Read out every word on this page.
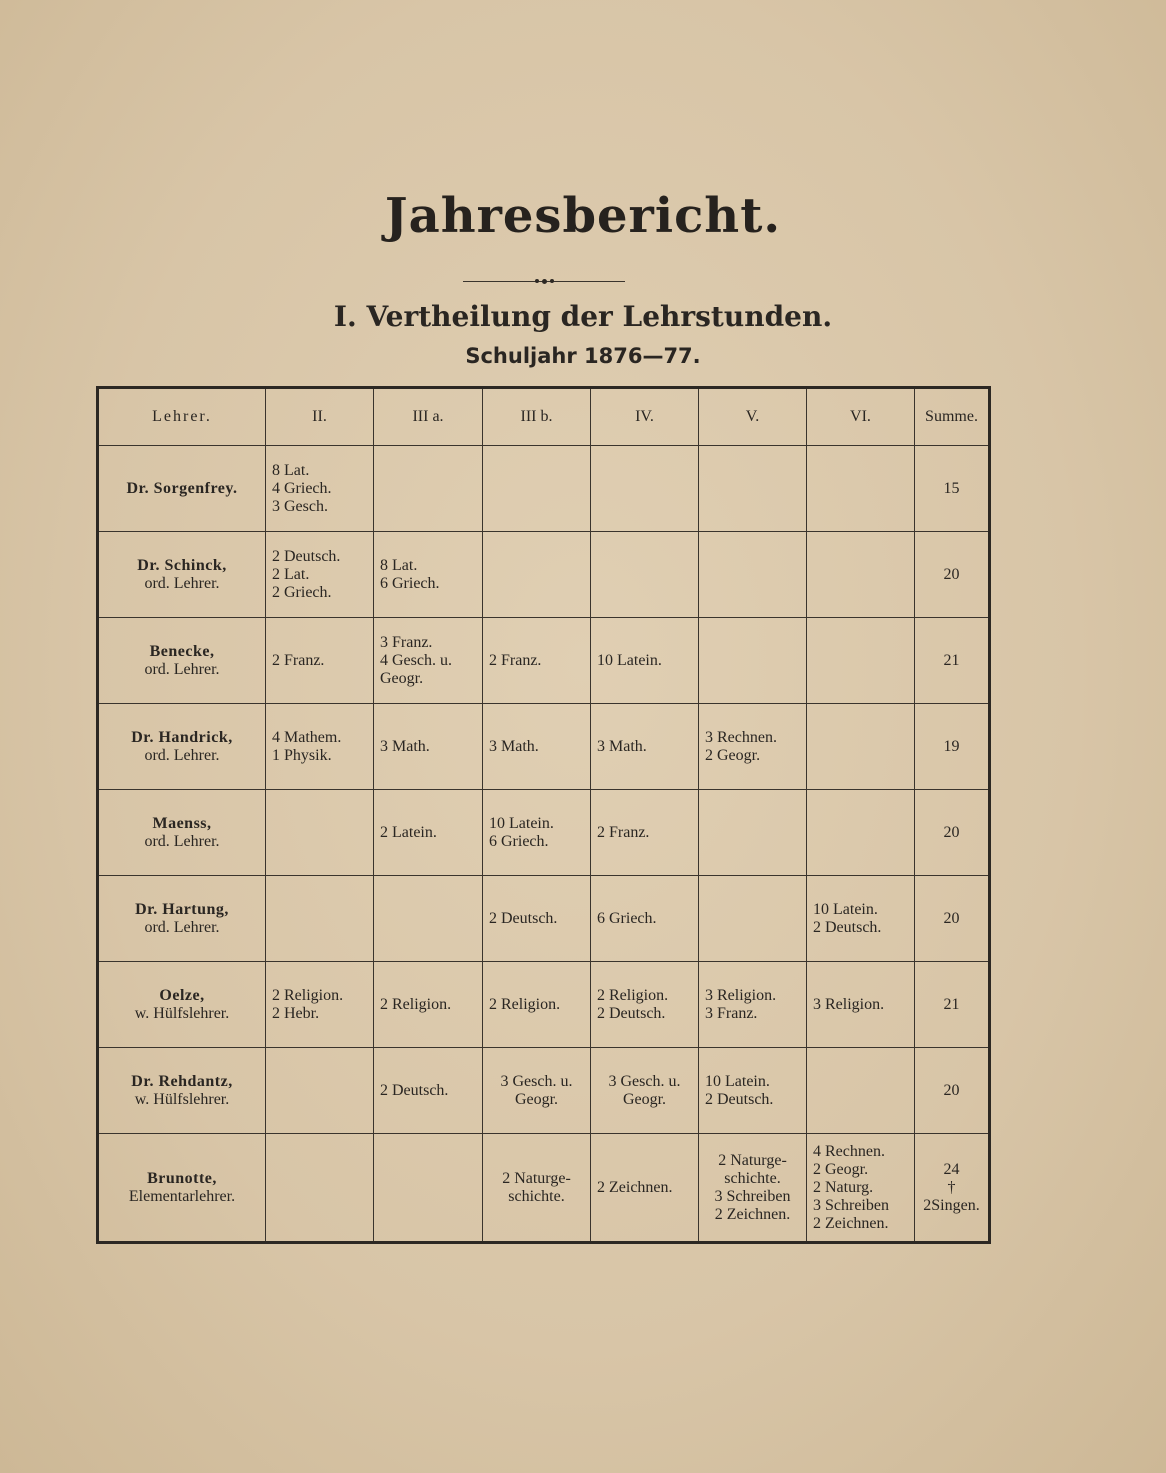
Jahresbericht.
I. Vertheilung der Lehrstunden.
Schuljahr 1876—77.
Lehrer.	II.	III a.	III b.	IV.	V.	VI.	Summe.

Dr. Sorgenfrey.	8 Lat.
4 Griech.
3 Gesch.						15

Dr. Schinck,
ord. Lehrer.	2 Deutsch.
2 Lat.
2 Griech.	8 Lat.
6 Griech.					20

Benecke,
ord. Lehrer.	2 Franz.	3 Franz.
4 Gesch. u.
Geogr.	2 Franz.	10 Latein.			21

Dr. Handrick,
ord. Lehrer.	4 Mathem.
1 Physik.	3 Math.	3 Math.	3 Math.	3 Rechnen.
2 Geogr.		19

Maenss,
ord. Lehrer.		2 Latein.	10 Latein.
6 Griech.	2 Franz.			20

Dr. Hartung,
ord. Lehrer.			2 Deutsch.	6 Griech.		10 Latein.
2 Deutsch.	20

Oelze,
w. Hülfslehrer.	2 Religion.
2 Hebr.	2 Religion.	2 Religion.	2 Religion.
2 Deutsch.	3 Religion.
3 Franz.	3 Religion.	21

Dr. Rehdantz,
w. Hülfslehrer.		2 Deutsch.	3 Gesch. u.
Geogr.	3 Gesch. u.
Geogr.	10 Latein.
2 Deutsch.		20

Brunotte,
Elementarlehrer.			2 Naturge-
schichte.	2 Zeichnen.	2 Naturge-
schichte.
3 Schreiben
2 Zeichnen.	4 Rechnen.
2 Geogr.
2 Naturg.
3 Schreiben
2 Zeichnen.	24
†
2Singen.
